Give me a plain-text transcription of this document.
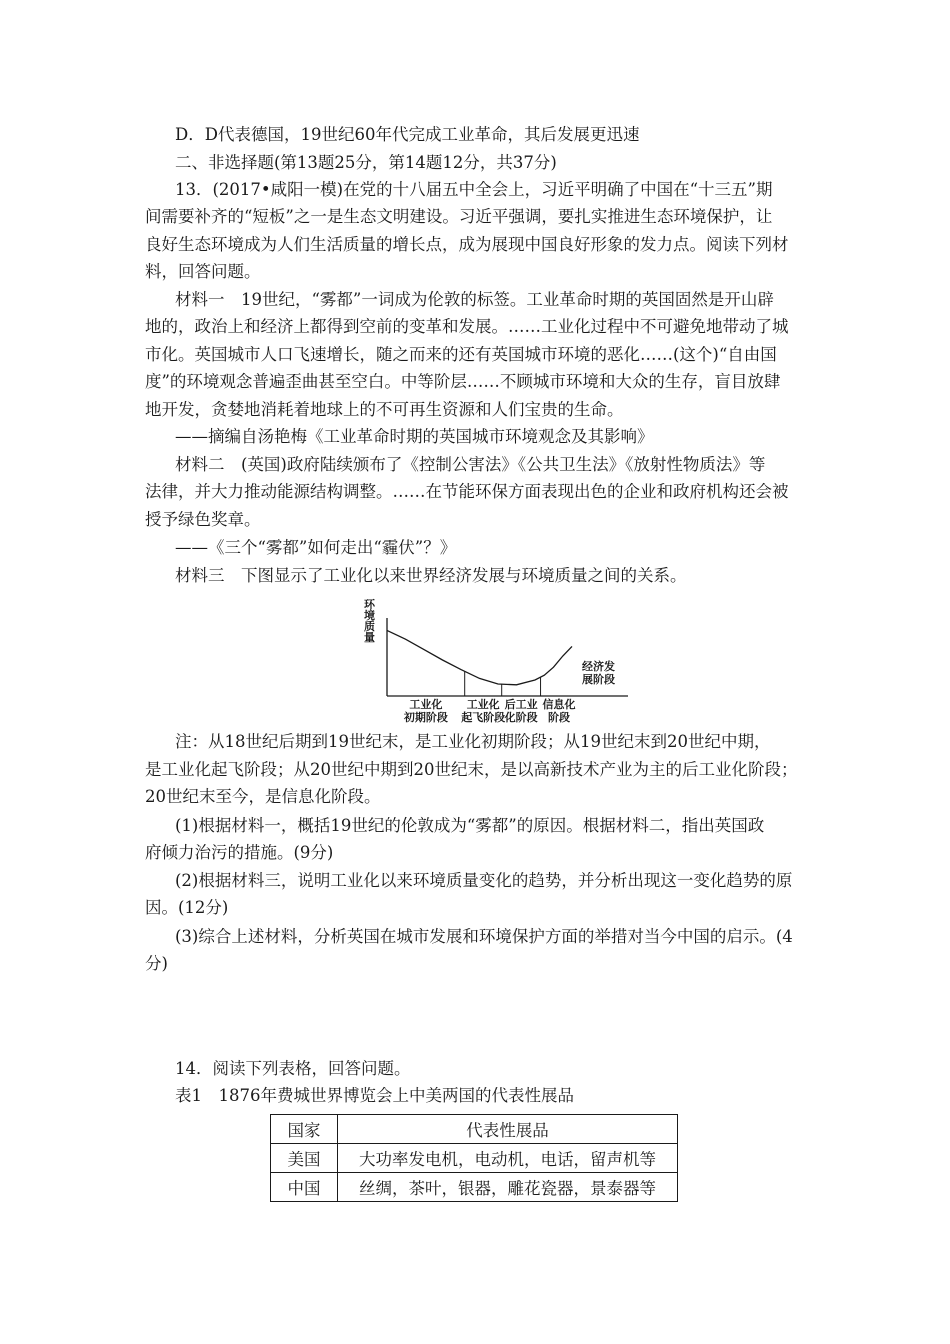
D．D代表德国，19世纪60年代完成工业革命，其后发展更迅速
二、非选择题(第13题25分，第14题12分，共37分)
13．(2017•咸阳一模)在党的十八届五中全会上，习近平明确了中国在“十三五”期
间需要补齐的“短板”之一是生态文明建设。习近平强调，要扎实推进生态环境保护，让
良好生态环境成为人们生活质量的增长点，成为展现中国良好形象的发力点。阅读下列材
料，回答问题。
材料一　19世纪，“雾都”一词成为伦敦的标签。工业革命时期的英国固然是开山辟
地的，政治上和经济上都得到空前的变革和发展。……工业化过程中不可避免地带动了城
市化。英国城市人口飞速增长，随之而来的还有英国城市环境的恶化……(这个)“自由国
度”的环境观念普遍歪曲甚至空白。中等阶层……不顾城市环境和大众的生存，盲目放肆
地开发，贪婪地消耗着地球上的不可再生资源和人们宝贵的生命。
——摘编自汤艳梅《工业革命时期的英国城市环境观念及其影响》
材料二　(英国)政府陆续颁布了《控制公害法》《公共卫生法》《放射性物质法》等
法律，并大力推动能源结构调整。……在节能环保方面表现出色的企业和政府机构还会被
授予绿色奖章。
——《三个“雾都”如何走出“霾伏”？》
材料三　下图显示了工业化以来世界经济发展与环境质量之间的关系。
环
境
质
量
经济发
展阶段
工业化
初期阶段
工业化
起飞阶段
后工业
化阶段
信息化
阶段
注：从18世纪后期到19世纪末，是工业化初期阶段；从19世纪末到20世纪中期，
是工业化起飞阶段；从20世纪中期到20世纪末，是以高新技术产业为主的后工业化阶段；
20世纪末至今，是信息化阶段。
(1)根据材料一，概括19世纪的伦敦成为“雾都”的原因。根据材料二，指出英国政
府倾力治污的措施。(9分)
(2)根据材料三，说明工业化以来环境质量变化的趋势，并分析出现这一变化趋势的原
因。(12分)
(3)综合上述材料，分析英国在城市发展和环境保护方面的举措对当今中国的启示。(4
分)
14．阅读下列表格，回答问题。
表1　1876年费城世界博览会上中美两国的代表性展品
国家	代表性展品
美国	大功率发电机，电动机，电话，留声机等
中国	丝绸，茶叶，银器，雕花瓷器，景泰器等
